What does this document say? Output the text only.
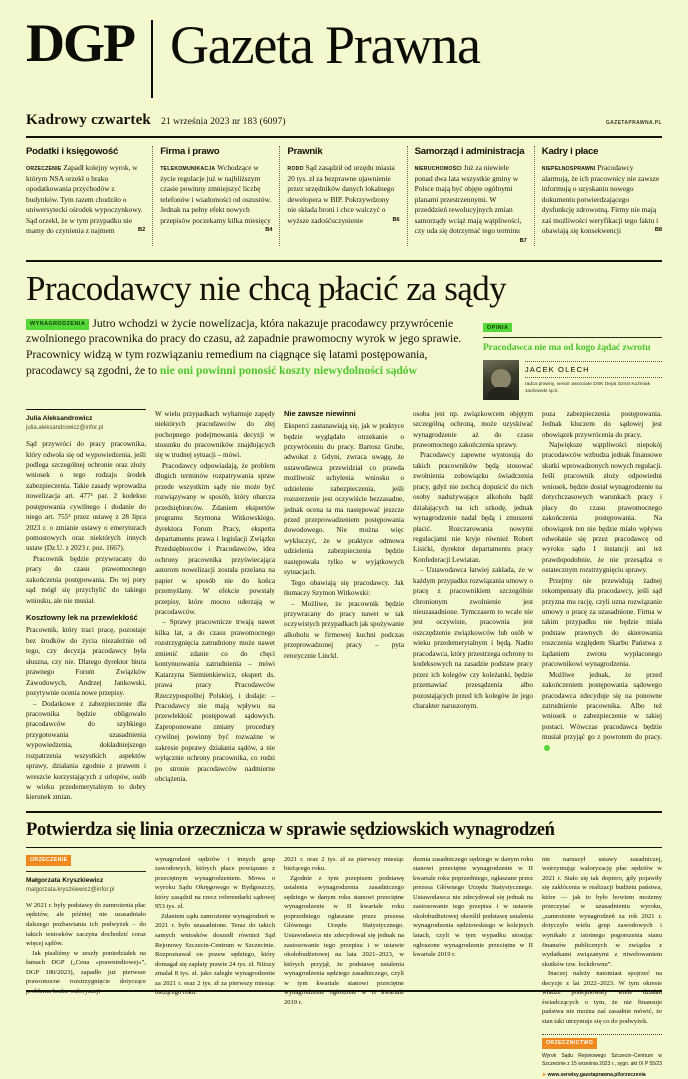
DGP Gazeta Prawna
Kadrowy czwartek 21 września 2023 nr 183 (6097)	GAZETAPRAWNA.PL
Podatki i księgowość
ORZECZENIE Zapadł kolejny wyrok, w którym NSA orzekł o braku opodatkowania przychodów z budynków. Tym razem chodziło o uniwersytecki ośrodek wypoczynkowy. Sąd orzekł, że w tym przypadku nie mamy do czynienia z najmem	B2
Firma i prawo
TELEKOMUNIKACJA Wchodzące w życie regulacje już w najbliższym czasie powinny zmniejszyć liczbę telefonów i wiadomości od oszustów. Jednak na pełny efekt nowych przepisów poczekamy kilka miesięcy
B4
Prawnik
RODO Sąd zasądził od urzędu miasta 20 tys. zł za bezprawne ujawnienie przez urzędników danych lokalnego dewelopera w BIP. Pokrzywdzony nie składa broni i chce walczyć o wyższe zadośćuczynienie	B6
Samorząd i administracja
NIERUCHOMOŚCI Już za niewiele ponad dwa lata wszystkie gminy w Polsce mają być objęte ogólnymi planami przestrzennymi. W przeddzień rewolucyjnych zmian samorządy wciąż mają wątpliwości, czy uda się dotrzymać tego terminu
B7
Kadry i płace
NIEPEŁNOSPRAWNI Pracodawcy alarmują, że ich pracownicy nie zawsze informują o uzyskaniu nowego dokumentu potwierdzającego dysfunkcję zdrowotną. Firmy nie mają zaś możliwości weryfikacji tego faktu i obawiają się konsekwencji	B8
Pracodawcy nie chcą płacić za sądy

WYNAGRODZENIA Jutro wchodzi w życie nowelizacja, która nakazuje pracodawcy przywrócenie zwolnionego pracownika do pracy do czasu, aż zapadnie prawomocny wyrok w jego sprawie. Pracownicy widzą w tym rozwiązaniu remedium na ciągnące się latami postępowania, pracodawcy są zgodni, że to nie oni powinni ponosić koszty niewydolności sądów

OPINIA
Pracodawca nie ma od kogo żądać zwrotu
JACEK OLECH
radca prawny, senior associate DSK Depa Szmit Kuźmiak Jackowski sp.k.
Julia Aleksandrowicz
julia.aleksandrowicz@infor.pl

Sąd przywróci do pracy pracownika, który odwoła się od wypowiedzenia, jeśli podlega szczególnej ochronie oraz złoży wniosek o tego rodzaju środek zabezpieczenia. Takie zasady wprowadza nowelizacja art. 477² par. 2 kodeksu postępowania cywilnego i dodanie do niego art. 755⁵ przez ustawę z 28 lipca 2023 r. o zmianie ustawy o emeryturach pomostowych oraz niektórych innych ustaw (Dz.U. z 2023 r. poz. 1667).

Pracownik będzie przywracany do pracy do czasu prawomocnego zakończenia postępowania. Do tej pory sąd mógł się przychylić do takiego wniosku, ale nie musiał.

Kosztowny lek na przewlekłość

Pracownik, który traci pracę, pozostaje bez środków do życia niezależnie od tego, czy decyzja pracodawcy była słuszna, czy nie. Dlatego dyrektor biura prawnego Forum Związków Zawodowych, Andrzej Jankowski, pozytywnie ocenia nowe przepisy.

– Dodatkowe z zabezpieczenie dla pracownika będzie obligowało pracodawców do szybkiego przygotowania uzasadnienia wypowiedzenia, dokładniejszego rozpatrzenia wszystkich aspektów sprawy, działania zgodnie z prawem i wreszcie korzystających z urlopów, osób w wieku przedemerytalnym to dobry kierunek zmian.

W wielu przypadkach wyhamuje zapędy niektórych pracodawców do złej pochopnego podejmowania decyzji w stosunku do pracowników znajdujących się w trudnej sytuacji – mówi.

Pracodawcy odpowiadają, że problem długich terminów rozpatrywania spraw przede wszystkim sądy nie może być rozwiązywany w sposób, który obarcza przedsiębiorców. Zdaniem ekspertów programu Szymona Witkowskiego, dyrektora Forum Pracy, eksperta departamentu prawa i legislacji Związku Przedsiębiorców i Pracodawców, idea ochrony pracownika przyświecająca autorom nowelizacji została przelana na papier w sposób nie do końca przemyślany. W efekcie powstały przepisy, które mocno uderzają w pracodawców.

– Sprawy pracownicze trwają nawet kilka lat, a do czasu prawomocnego rozstrzygnięcia zatrudniony może nawet zmienić zdanie co do chęci kontynuowania zatrudnienia – mówi Katarzyna Siemienkiewicz, ekspert ds. prawa pracy Pracodawców Rzeczypospolitej Polskiej, i dodaje: – Pracodawcy nie mają wpływu na przewlekłość postępowań sądowych. Zaproponowane zmiany procedury cywilnej powinny być rozważne w zakresie poprawy działania sądów, a nie wyłącznie ochrony pracownika, co rodzi po stronie pracodawców nadmierne obciążenia.

Nie zawsze niewinni

Eksperci zastanawiają się, jak w praktyce będzie wyglądało otrzekanie o przywróceniu do pracy. Bartosz Grube, adwokat z Gdyni, zwraca uwagę, że ustawodawca przewidział co prawda możliwość uchylenia wniosku o udzielenie zabezpieczenia, jeśli rozszerzenie jest oczywiście bezzasadne, jednak ocena ta ma następować jeszcze przed przeprowadzeniem postępowania dowodowego. Nie można więc wykluczyć, że w praktyce odmowa udzielenia zabezpieczenia będzie następowała tylko w wyjątkowych sytuacjach.

Tego obawiają się pracodawcy. Jak tłumaczy Szymon Witkowski:

– Możliwe, że pracownik będzie przywracany do pracy nawet w tak oczywistych przypadkach jak spożywanie alkoholu w firmowej kuchni podczas przeprowadzonej pracy – pyta retorycznie Linckl.

osoba jest np. związkowcem objętym szczególną ochroną, może uzyskiwać wynagrodzenie aż do czasu prawomocnego zakończenia sprawy.

Pracodawcy zapewne wystosują do takich pracowników będą stosować zwolnienia zobowiązku świadczenia pracy, gdyż nie zechcą dopuścić do nich osoby nadużywające alkoholu bądź działających na ich szkodę, jednak wynagrodzenie nadal będą i zmuszeni płacić. Rozczarowania nowymi regulacjami nie kryje również Robert Lisicki, dyrektor departamentu pracy Konfederacji Lewiatan.

– Ustawodawca łatwiej zakłada, że w każdym przypadku rozwiązania umowy o pracę z pracownikiem szczególnie chronionym zwolnienie jest nieuzasadnione. Tymczasem to wcale nie jest oczywiste, pracownia jest oszczędzenie związkowców lub osób w wieku przedemerytalnym i będą. Nadto pracodawca, który przestrzega ochrony to kodeksowych na zasadzie podstaw pracy przez ich kolegów czy koleżanki, będzie przemawiać przesądzenia albo pozostających przed ich kolegów że jego charakter naruszonym.

poza zabezpieczenia postępowania. Jednak kluczem do sądowej jest obowiązek przywrócenia do pracy.

Największe wątpliwości niepokój pracodawców wzbudza jednak finansowe skutki wprowadzonych nowych regulacji. Jeśli pracownik złoży odpowiedni wniosek, będzie dostał wynagrodzenie na dotychczasowych warunkach pracy i płacy do czasu prawomocnego zakończenia postępowania. Na obowiązek ten nie będzie miało wpływu odwołanie się przez pracodawcę od wyroku sądu I instancji ani też prawdopodobnie, że nie przesądza o ostatecznym rozstrzygnięciu sprawy.

Przejmy nie przewidują żadnej rekompensaty dla pracodawcy, jeśli sąd przyzna mu rację, czyli uzna rozwiązanie umowy o pracę za uzasadnione. Firma w takim przypadku nie będzie miała podstaw prawnych do skierowania roszczenia względem Skarbu Państwa z żądaniem zwrotu wypłaconego pracownikowi wynagrodzenia.

Możliwe jednak, że przed zakończeniem postępowania sądowego pracodawca zdecyduje się na ponowne zatrudnienie pracownika. Albo też wniosek o zabezpieczenie w takiej postaci. Wówczas pracodawca będzie musiał przyjąć go z powrotem do pracy.

Potwierdza się linia orzecznicza w sprawie sędziowskich wynagrodzeń
ORZECZENIE
Małgorzata Kryszkiewicz
malgorzata.kryszkiewicz@infor.pl

W 2021 r. były podstawy do zamrożenia płac sędziów, ale później nie uzasadniało dalszego pozbawiania ich podwyżek – do takich wniosków zaczyna dochodzić coraz więcej sądów.

Jak pisaliśmy w zeszły poniedziałek na łamach DGP („Cena »prawniediowej«”, DGP 180/2023), zapadło już pierwsze prawomocne rozstrzygnięcie dotyczące problemu braku waloryzacji

wynagrodzeń sędziów i innych grup zawodowych, których płace powiązano z przeciętnym wynagrodzeniem. Mowa o wyroku Sądu Okręgowego w Bydgoszczy, który zasądził na rzecz referendarki sądowej 953 tys. zł.

Zdaniem sądu zamrożenie wynagrodzeń w 2021 r. było uzasadnione. Teraz do takich samych wniosków doszedł również Sąd Rejonowy Szczecin-Centrum w Szczecinie. Rozpoznawał on pozew sędziego, który domagał się zapłaty prawie 24 tys. zł. Niższy zmalał 8 tys. zł. jako zaległe wynagrodzenie za 2021 r. oraz 2 tys. zł za pierwszy miesiąc bieżącego roku.

2021 r. oraz 2 tys. zł za pierwszy miesiąc bieżącego roku.

Zgodnie z tym przepisem podstawę ustalenia wynagrodzenia zasadniczego sędziego w danym roku stanowi przeciętne wynagrodzenie w II kwartale roku poprzedniego ogłaszane przez prezesa Głównego Urzędu Statystycznego. Ustawodawca nie zdecydował się jednak na zastosowanie tego przepisu i w ustawie okołobudżetowej na lata 2021–2023, w których przyjął, że podstawę ustalenia wynagrodzenia sędziego zasadniczego, czyli w tym kwartale stanowi przeciętne wynagrodzenie ogłoszone w II kwartale 2019 r.

dzenia zasadniczego sędziego w danym roku stanowi przeciętne wynagrodzenie w II kwartale roku poprzedniego, ogłaszane przez prezesa Głównego Urzędu Statystycznego. Ustawodawca nie zdecydował się jednak na zastosowanie tego przepisu i w ustawie okołobudżetowej określił podstawę ustalenia wynagrodzenia sędziowskiego w kolejnych latach, czyli w tym wypadku stosując ogłoszone wynagrodzenie przeciętne w II kwartale 2019 r.

nie naruszył ustawy zasadniczej, wstrzymując waloryzację płac sędziów w 2021 r. Stało się tak dopiero, gdy pojawiły się zakłócenia w realizacji budżetu państwa, które — jak to było bowiem możemy przeczytać w uzasadnieniu wyroku, „zamrożenie wynagrodzeń za rok 2021 r. dotyczyło wielu grup zawodowych i wynikało z istotnego pogorszenia stanu finansów publicznych w związku z wydatkami związanymi z niwelowaniem skutków tzw. lockdownu”.

Inaczej należy natomiast spojrzeć na decyzje z lat 2022–2023. W tym okresie władze podejmowały wiele działań świadczących o tym, że nie finansuje państwa nie można zaś zasadnie mówić, że stan taki utrzymuje się co do podwyżek.

ORZECZNICTWO
Wyrok Sądu Rejonowego Szczecin–Centrum w Szczecinie z 15 września 2023 r., sygn. akt IX P 55/23
➤ www.serwisy.gazetaprawna.pl/orzeczenia
